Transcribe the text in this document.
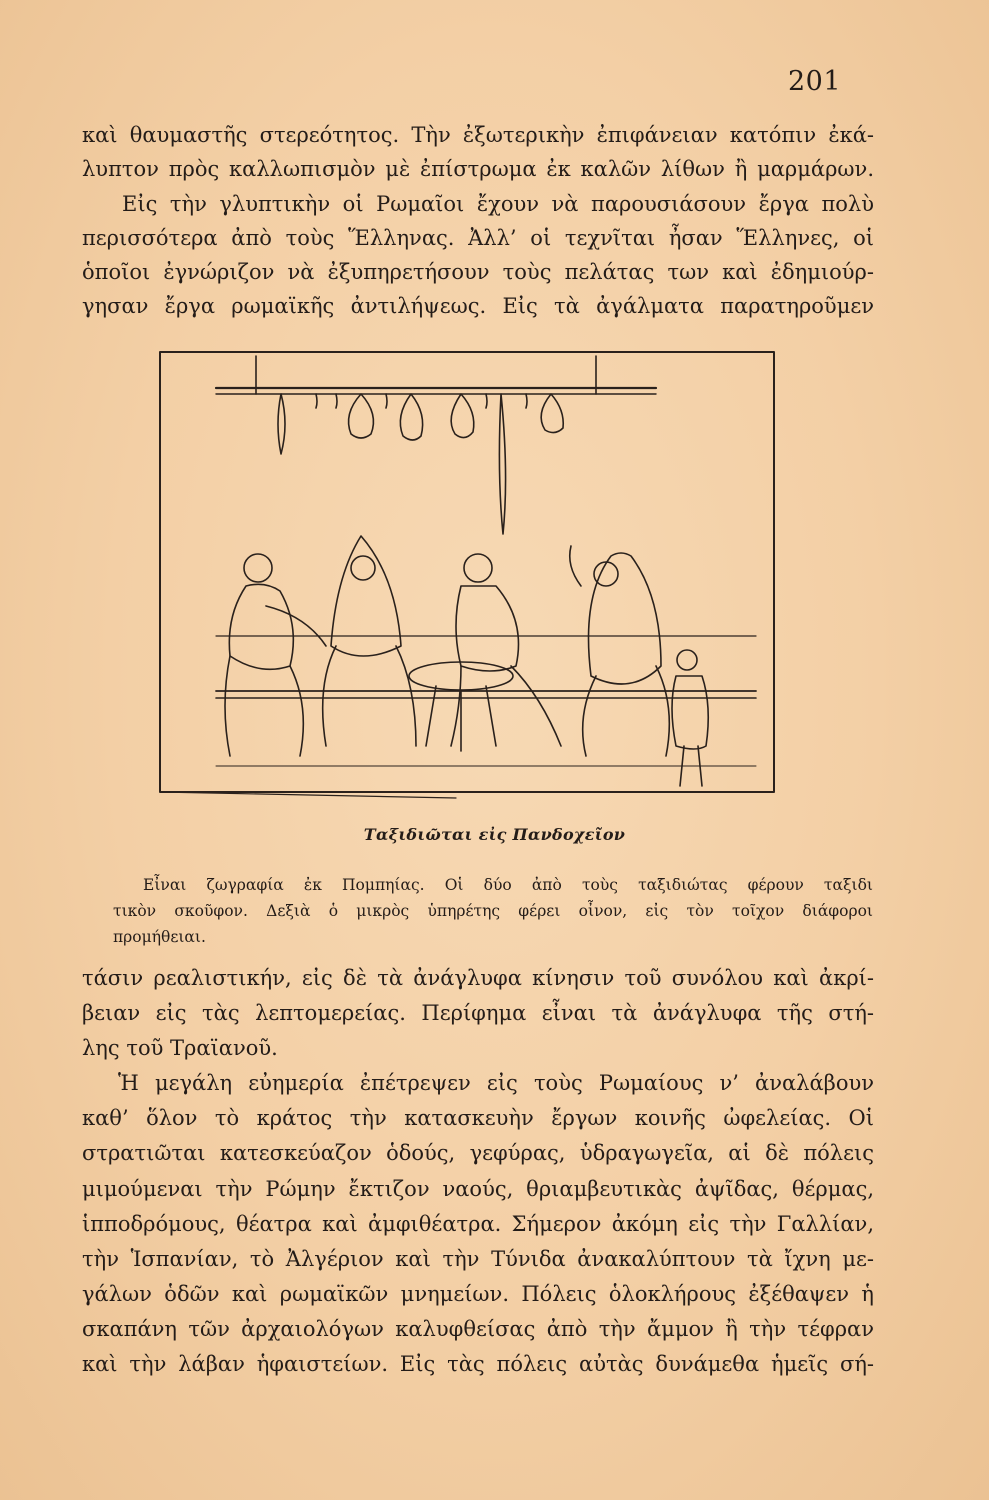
201
καὶ θαυμαστῆς στερεότητος. Τὴν ἐξωτερικὴν ἐπιφάνειαν κατόπιν ἐκά-
λυπτον πρὸς καλλωπισμὸν μὲ ἐπίστρωμα ἐκ καλῶν λίθων ἢ μαρμάρων.
Εἰς τὴν γλυπτικὴν οἱ Ρωμαῖοι ἔχουν νὰ παρουσιάσουν ἔργα πολὺ
περισσότερα ἀπὸ τοὺς Ἕλληνας. Ἀλλ’ οἱ τεχνῖται ἦσαν Ἕλληνες, οἱ
ὁποῖοι ἐγνώριζον νὰ ἐξυπηρετήσουν τοὺς πελάτας των καὶ ἐδημιούρ-
γησαν ἔργα ρωμαϊκῆς ἀντιλήψεως. Εἰς τὰ ἀγάλματα παρατηροῦμεν
Ταξιδιῶται εἰς Πανδοχεῖον
Εἶναι ζωγραφία ἐκ Πομπηίας. Οἱ δύο ἀπὸ τοὺς ταξιδιώτας φέρουν ταξιδι
τικὸν σκοῦφον. Δεξιὰ ὁ μικρὸς ὑπηρέτης φέρει οἶνον, εἰς τὸν τοῖχον διάφοροι
προμήθειαι.
τάσιν ρεαλιστικήν, εἰς δὲ τὰ ἀνάγλυφα κίνησιν τοῦ συνόλου καὶ ἀκρί-
βειαν εἰς τὰς λεπτομερείας. Περίφημα εἶναι τὰ ἀνάγλυφα τῆς στή-
λης τοῦ Τραϊανοῦ.
Ἡ μεγάλη εὐημερία ἐπέτρεψεν εἰς τοὺς Ρωμαίους ν’ ἀναλάβουν
καθ’ ὅλον τὸ κράτος τὴν κατασκευὴν ἔργων κοινῆς ὠφελείας. Οἱ
στρατιῶται κατεσκεύαζον ὁδούς, γεφύρας, ὑδραγωγεῖα, αἱ δὲ πόλεις
μιμούμεναι τὴν Ρώμην ἔκτιζον ναούς, θριαμβευτικὰς ἀψῖδας, θέρμας,
ἱπποδρόμους, θέατρα καὶ ἀμφιθέατρα. Σήμερον ἀκόμη εἰς τὴν Γαλλίαν,
τὴν Ἱσπανίαν, τὸ Ἀλγέριον καὶ τὴν Τύνιδα ἀνακαλύπτουν τὰ ἴχνη με-
γάλων ὁδῶν καὶ ρωμαϊκῶν μνημείων. Πόλεις ὁλοκλήρους ἐξέθαψεν ἡ
σκαπάνη τῶν ἀρχαιολόγων καλυφθείσας ἀπὸ τὴν ἄμμον ἢ τὴν τέφραν
καὶ τὴν λάβαν ἡφαιστείων. Εἰς τὰς πόλεις αὐτὰς δυνάμεθα ἡμεῖς σή-
